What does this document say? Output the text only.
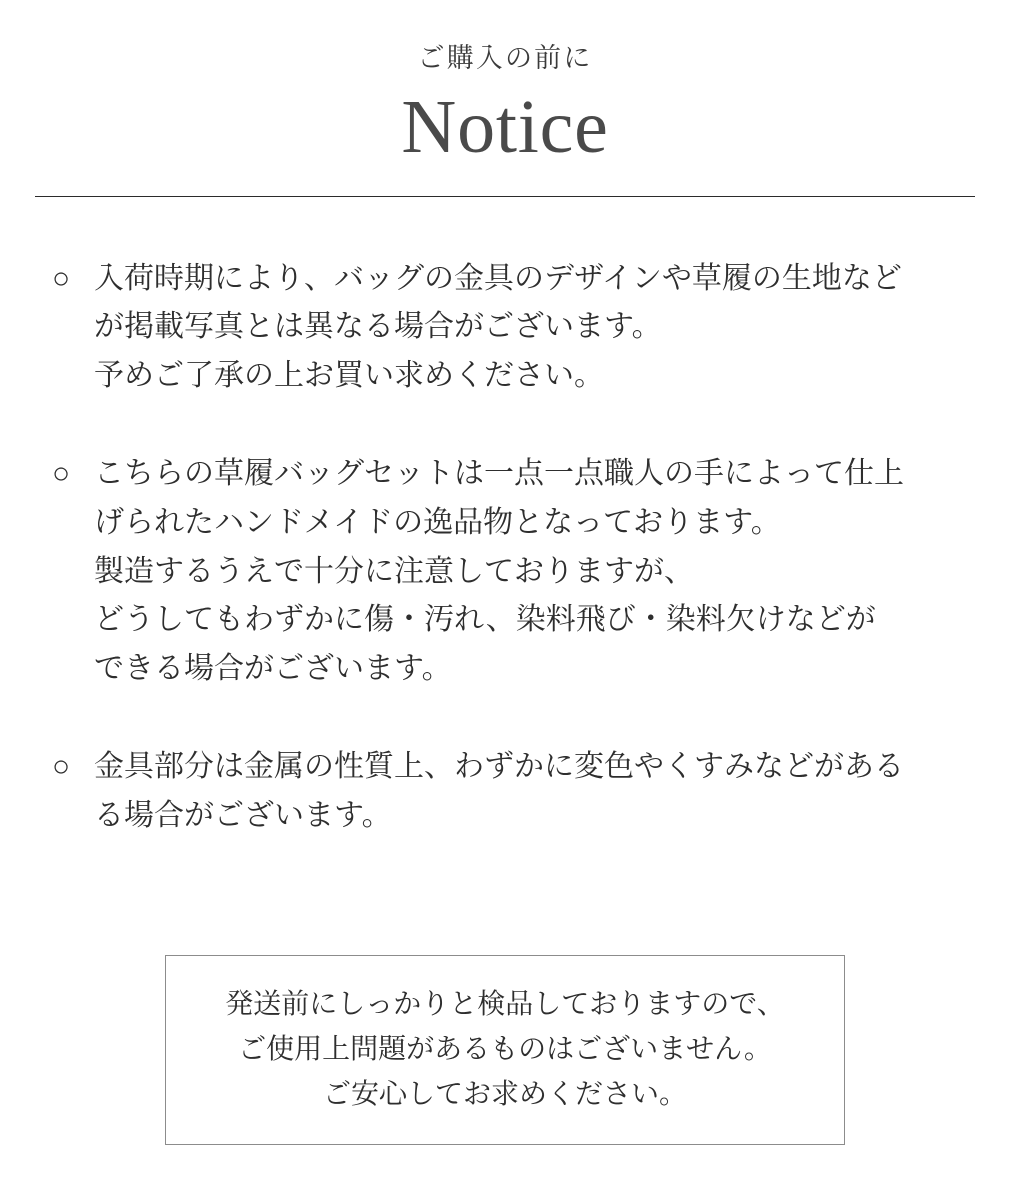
ご購入の前に
Notice
○ 入荷時期により、バッグの金具のデザインや草履の生地など
が掲載写真とは異なる場合がございます。
予めご了承の上お買い求めください。
○ こちらの草履バッグセットは一点一点職人の手によって仕上
げられたハンドメイドの逸品物となっております。
製造するうえで十分に注意しておりますが、
どうしてもわずかに傷・汚れ、染料飛び・染料欠けなどが
できる場合がございます。
○ 金具部分は金属の性質上、わずかに変色やくすみなどがある
る場合がございます。
発送前にしっかりと検品しておりますので、
ご使用上問題があるものはございません。
ご安心してお求めください。
